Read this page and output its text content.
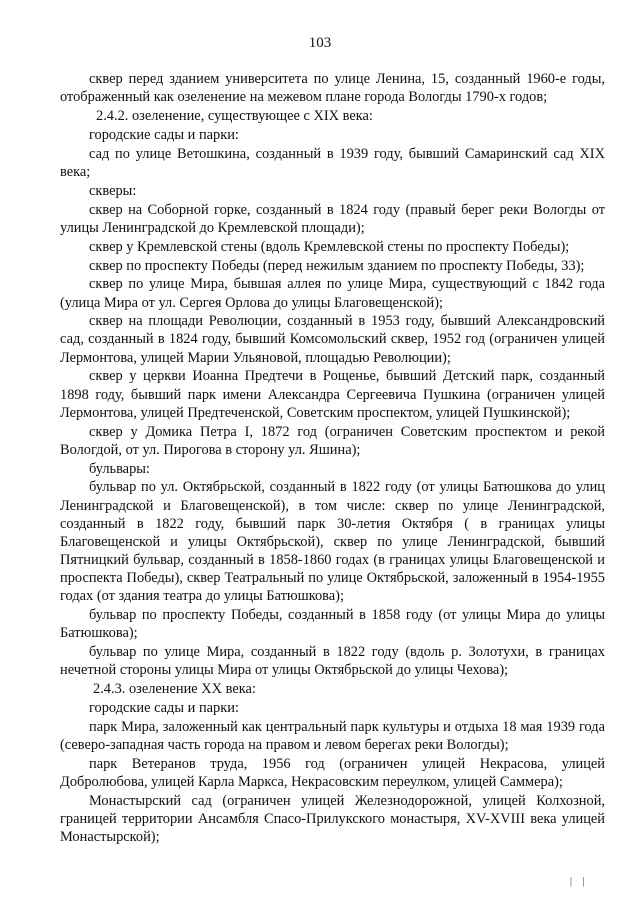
103

сквер перед зданием университета по улице Ленина, 15, созданный 1960-е годы, отображенный как озеленение на межевом плане города Вологды 1790-х годов;

2.4.2. озеленение, существующее с XIX века:

городские сады и парки:

сад по улице Ветошкина, созданный в 1939 году, бывший Самаринский сад XIX века;

скверы:

сквер на Соборной горке, созданный в 1824 году (правый берег реки Вологды от улицы Ленинградской до Кремлевской площади);

сквер у Кремлевской стены (вдоль Кремлевской стены по проспекту Победы);

сквер по проспекту Победы (перед нежилым зданием по проспекту Победы, 33);

сквер по улице Мира, бывшая аллея по улице Мира, существующий с 1842 года (улица Мира от ул. Сергея Орлова до улицы Благовещенской);

сквер на площади Революции, созданный в 1953 году, бывший Александровский сад, созданный в 1824 году, бывший Комсомольский сквер, 1952 год (ограничен улицей Лермонтова, улицей Марии Ульяновой, площадью Революции);

сквер у церкви Иоанна Предтечи в Рощенье, бывший Детский парк, созданный 1898 году, бывший парк имени Александра Сергеевича Пушкина (ограничен улицей Лермонтова, улицей Предтеченской, Советским проспектом, улицей Пушкинской);

сквер у Домика Петра I, 1872 год (ограничен Советским проспектом и рекой Вологдой, от ул. Пирогова в сторону ул. Яшина);

бульвары:

бульвар по ул. Октябрьской, созданный в 1822 году (от улицы Батюшкова до улиц Ленинградской и Благовещенской), в том числе: сквер по улице Ленинградской, созданный в 1822 году, бывший парк 30-летия Октября ( в границах улицы Благовещенской и улицы Октябрьской), сквер по улице Ленинградской, бывший Пятницкий бульвар, созданный в 1858-1860 годах (в границах улицы Благовещенской и проспекта Победы), сквер Театральный по улице Октябрьской, заложенный в 1954-1955 годах (от здания театра до улицы Батюшкова);

бульвар по проспекту Победы, созданный в 1858 году (от улицы Мира до улицы Батюшкова);

бульвар по улице Мира, созданный в 1822 году (вдоль р. Золотухи, в границах нечетной стороны улицы Мира от улицы Октябрьской до улицы Чехова);

2.4.3. озеленение XX века:

городские сады и парки:

парк Мира, заложенный как центральный парк культуры и отдыха 18 мая 1939 года (северо-западная часть города на правом и левом берегах реки Вологды);

парк Ветеранов труда, 1956 год (ограничен улицей Некрасова, улицей Добролюбова, улицей Карла Маркса, Некрасовским переулком, улицей Саммера);

Монастырский сад (ограничен улицей Железнодорожной, улицей Колхозной, границей территории Ансамбля Спасо-Прилукского монастыря, XV-XVIII века улицей Монастырской);

| |
